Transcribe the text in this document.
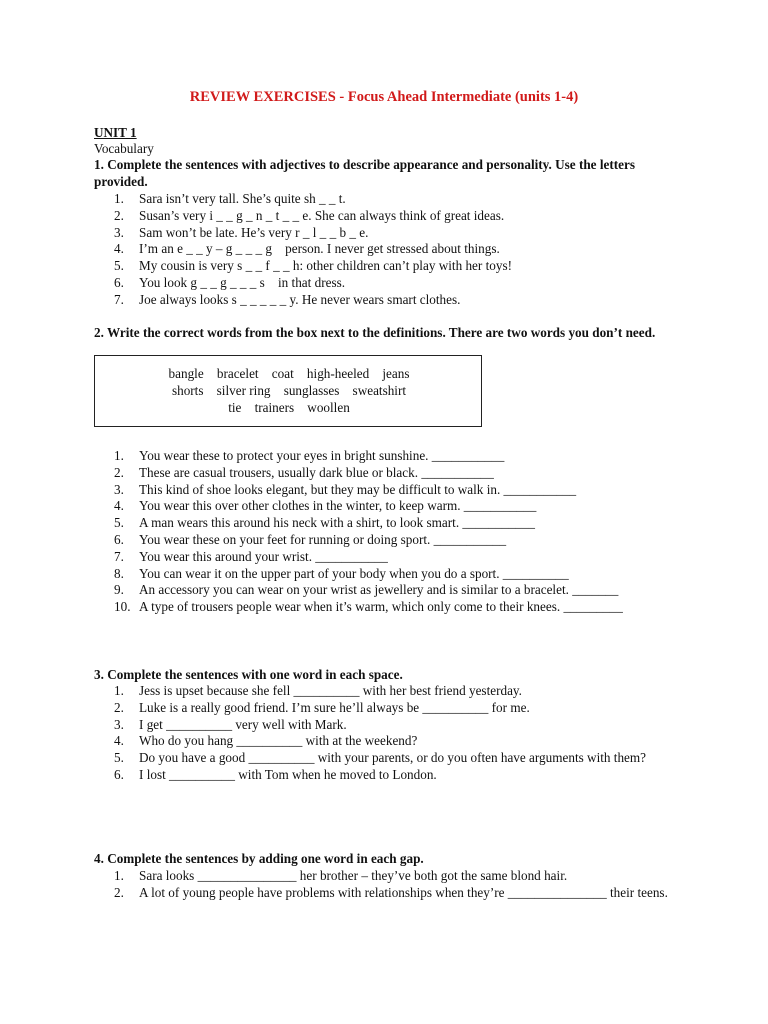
REVIEW EXERCISES - Focus Ahead Intermediate (units 1-4)
UNIT 1
Vocabulary
1. Complete the sentences with adjectives to describe appearance and personality. Use the letters provided.
1.	Sara isn’t very tall. She’s quite sh _ _ t.
2.	Susan’s very i _ _ g _ n _ t _ _ e. She can always think of great ideas.
3.	Sam won’t be late. He’s very r _ l _ _ b _ e.
4.	I’m an e _ _ y – g _ _ _ g    person. I never get stressed about things.
5.	My cousin is very s _ _ f _ _ h: other children can’t play with her toys!
6.	You look g _ _ g _ _ _ s    in that dress.
7.	Joe always looks s _ _ _ _ _ y. He never wears smart clothes.
2. Write the correct words from the box next to the definitions. There are two words you don’t need.
bangle    bracelet    coat    high-heeled    jeans
shorts    silver ring    sunglasses    sweatshirt
tie    trainers    woollen
1.	You wear these to protect your eyes in bright sunshine. ___________
2.	These are casual trousers, usually dark blue or black. ___________
3.	This kind of shoe looks elegant, but they may be difficult to walk in. ___________
4.	You wear this over other clothes in the winter, to keep warm. ___________
5.	A man wears this around his neck with a shirt, to look smart. ___________
6.	You wear these on your feet for running or doing sport. ___________
7.	You wear this around your wrist. ___________
8.	You can wear it on the upper part of your body when you do a sport. __________
9.	An accessory you can wear on your wrist as jewellery and is similar to a bracelet. _______
10. A type of trousers people wear when it’s warm, which only come to their knees. _________
3. Complete the sentences with one word in each space.
1.	Jess is upset because she fell __________ with her best friend yesterday.
2.	Luke is a really good friend. I’m sure he’ll always be __________ for me.
3.	I get __________ very well with Mark.
4.	Who do you hang __________ with at the weekend?
5.	Do you have a good __________ with your parents, or do you often have arguments with them?
6.	I lost __________ with Tom when he moved to London.
4. Complete the sentences by adding one word in each gap.
1.	Sara looks _______________ her brother – they’ve both got the same blond hair.
2.	A lot of young people have problems with relationships when they’re _______________ their teens.
